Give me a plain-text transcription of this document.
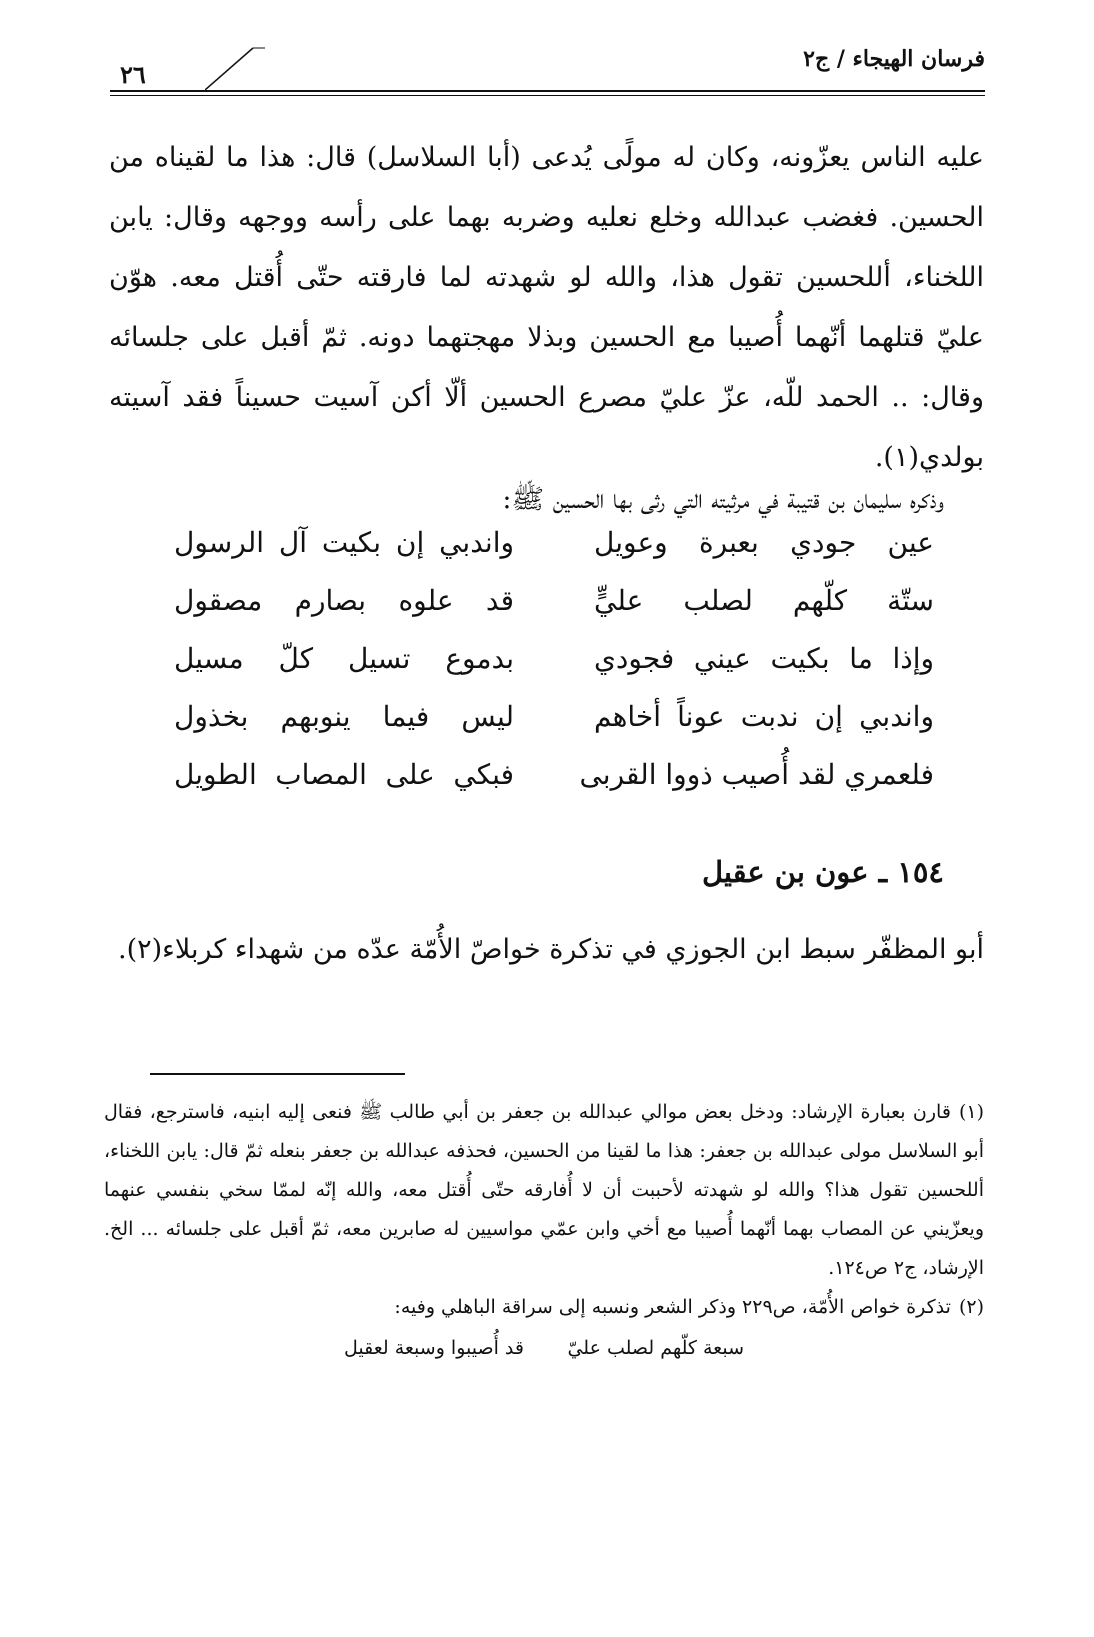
فرسان الهيجاء / ج٢
٢٦
عليه الناس يعزّونه، وكان له مولًى يُدعى (أبا السلاسل) قال: هذا ما لقيناه من الحسين. فغضب عبدالله وخلع نعليه وضربه بهما على رأسه ووجهه وقال: يابن اللخناء، أللحسين تقول هذا، والله لو شهدته لما فارقته حتّى أُقتل معه. هوّن عليّ قتلهما أنّهما أُصيبا مع الحسين وبذلا مهجتهما دونه. ثمّ أقبل على جلسائه وقال: .. الحمد للّه، عزّ عليّ مصرع الحسين ألّا أكن آسيت حسيناً فقد آسيته بولدي(١).
وذكره سليمان بن قتيبة في مرثيته التي رثى بها الحسين ﷺ:
عين جودي بعبرة وعويل
واندبي إن بكيت آل الرسول
ستّة كلّهم لصلب عليٍّ
قد علوه بصارم مصقول
وإذا ما بكيت عيني فجودي
بدموع تسيل كلّ مسيل
واندبي إن ندبت عوناً أخاهم
ليس فيما ينوبهم بخذول
فلعمري لقد أُصيب ذووا القربى
فبكي على المصاب الطويل
١٥٤ ـ عون بن عقيل
أبو المظفّر سبط ابن الجوزي في تذكرة خواصّ الأُمّة عدّه من شهداء كربلاء(٢).
(١)قارن بعبارة الإرشاد: ودخل بعض موالي عبدالله بن جعفر بن أبي طالب ﷺ فنعى إليه ابنيه، فاسترجع، فقال أبو السلاسل مولى عبدالله بن جعفر: هذا ما لقينا من الحسين، فحذفه عبدالله بن جعفر بنعله ثمّ قال: يابن اللخناء، أللحسين تقول هذا؟ والله لو شهدته لأحببت أن لا أُفارقه حتّى أُقتل معه، والله إنّه لممّا سخي بنفسي عنهما ويعزّيني عن المصاب بهما أنّهما أُصيبا مع أخي وابن عمّي مواسيين له صابرين معه، ثمّ أقبل على جلسائه ... الخ. الإرشاد، ج٢ ص١٢٤.
(٢)تذكرة خواص الأُمّة، ص٢٢٩ وذكر الشعر ونسبه إلى سراقة الباهلي وفيه:
سبعة كلّهم لصلب عليّ
قد أُصيبوا وسبعة لعقيل
